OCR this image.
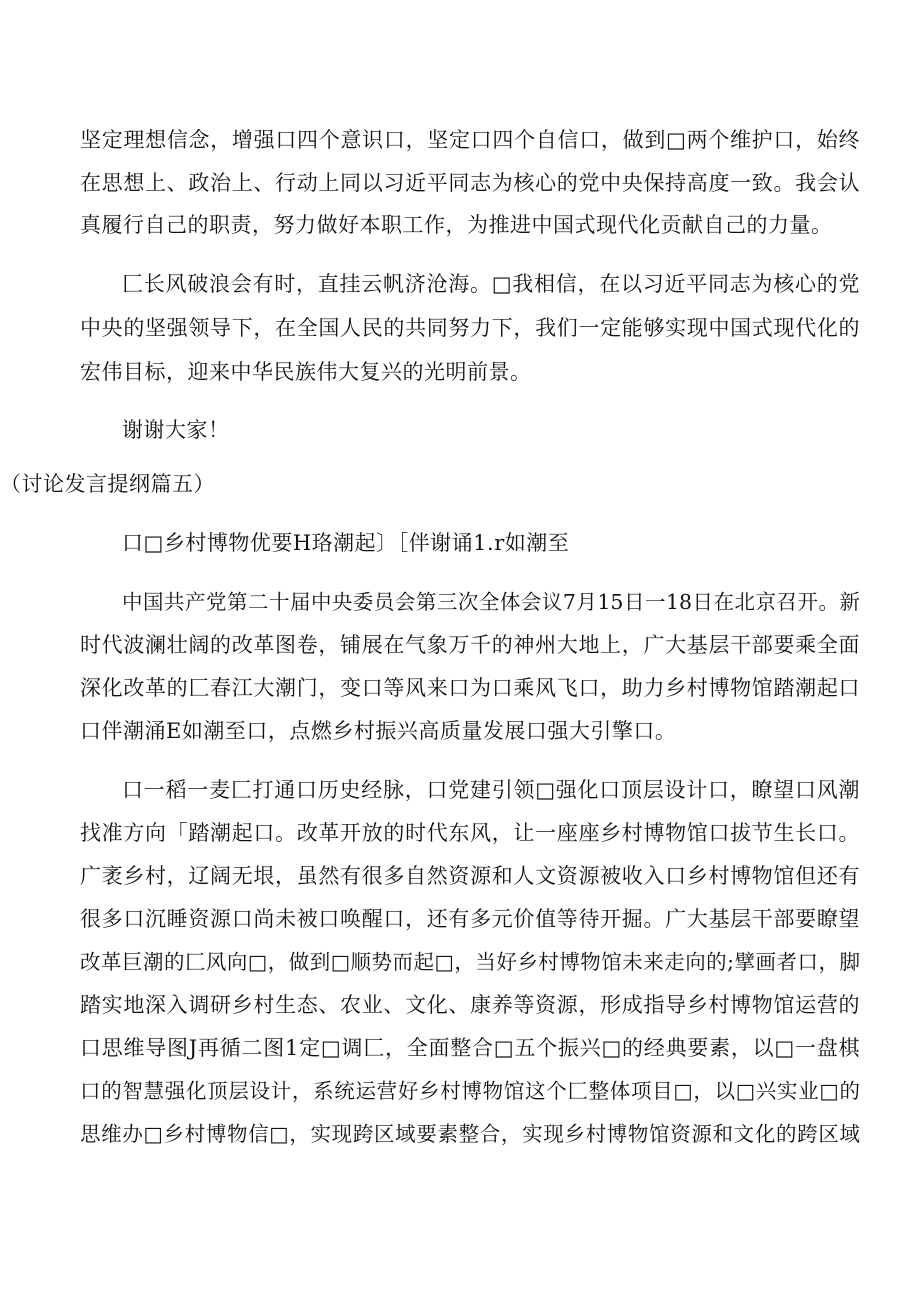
坚定理想信念，增强口四个意识口，坚定口四个自信口，做到□两个维护口，始终
在思想上、政治上、行动上同以习近平同志为核心的党中央保持高度一致。我会认
真履行自己的职责，努力做好本职工作，为推进中国式现代化贡献自己的力量。
匚长风破浪会有时，直挂云帆济沧海。□我相信，在以习近平同志为核心的党
中央的坚强领导下，在全国人民的共同努力下，我们一定能够实现中国式现代化的
宏伟目标，迎来中华民族伟大复兴的光明前景。
谢谢大家！
（讨论发言提纲篇五）
口□乡村博物优要H珞潮起〕［伴谢诵1.r如潮至
中国共产党第二十届中央委员会第三次全体会议7月15日一18日在北京召开。新
时代波澜壮阔的改革图卷，铺展在气象万千的神州大地上，广大基层干部要乘全面
深化改革的匚春江大潮门，变口等风来口为口乘风飞口，助力乡村博物馆踏潮起口
口伴潮涌E如潮至口，点燃乡村振兴高质量发展口强大引擎口。
口一稻一麦匚打通口历史经脉，口党建引领□强化口顶层设计口，瞭望口风潮
找准方向「踏潮起口。改革开放的时代东风，让一座座乡村博物馆口拔节生长口。
广袤乡村，辽阔无垠，虽然有很多自然资源和人文资源被收入口乡村博物馆但还有
很多口沉睡资源口尚未被口唤醒口，还有多元价值等待开掘。广大基层干部要瞭望
改革巨潮的匚风向□，做到□顺势而起□，当好乡村博物馆未来走向的;擘画者口，脚
踏实地深入调研乡村生态、农业、文化、康养等资源，形成指导乡村博物馆运营的
口思维导图J再循二图1定□调匚，全面整合□五个振兴□的经典要素，以□一盘棋
口的智慧强化顶层设计，系统运营好乡村博物馆这个匚整体项目□，以□兴实业□的
思维办□乡村博物信□，实现跨区域要素整合，实现乡村博物馆资源和文化的跨区域
